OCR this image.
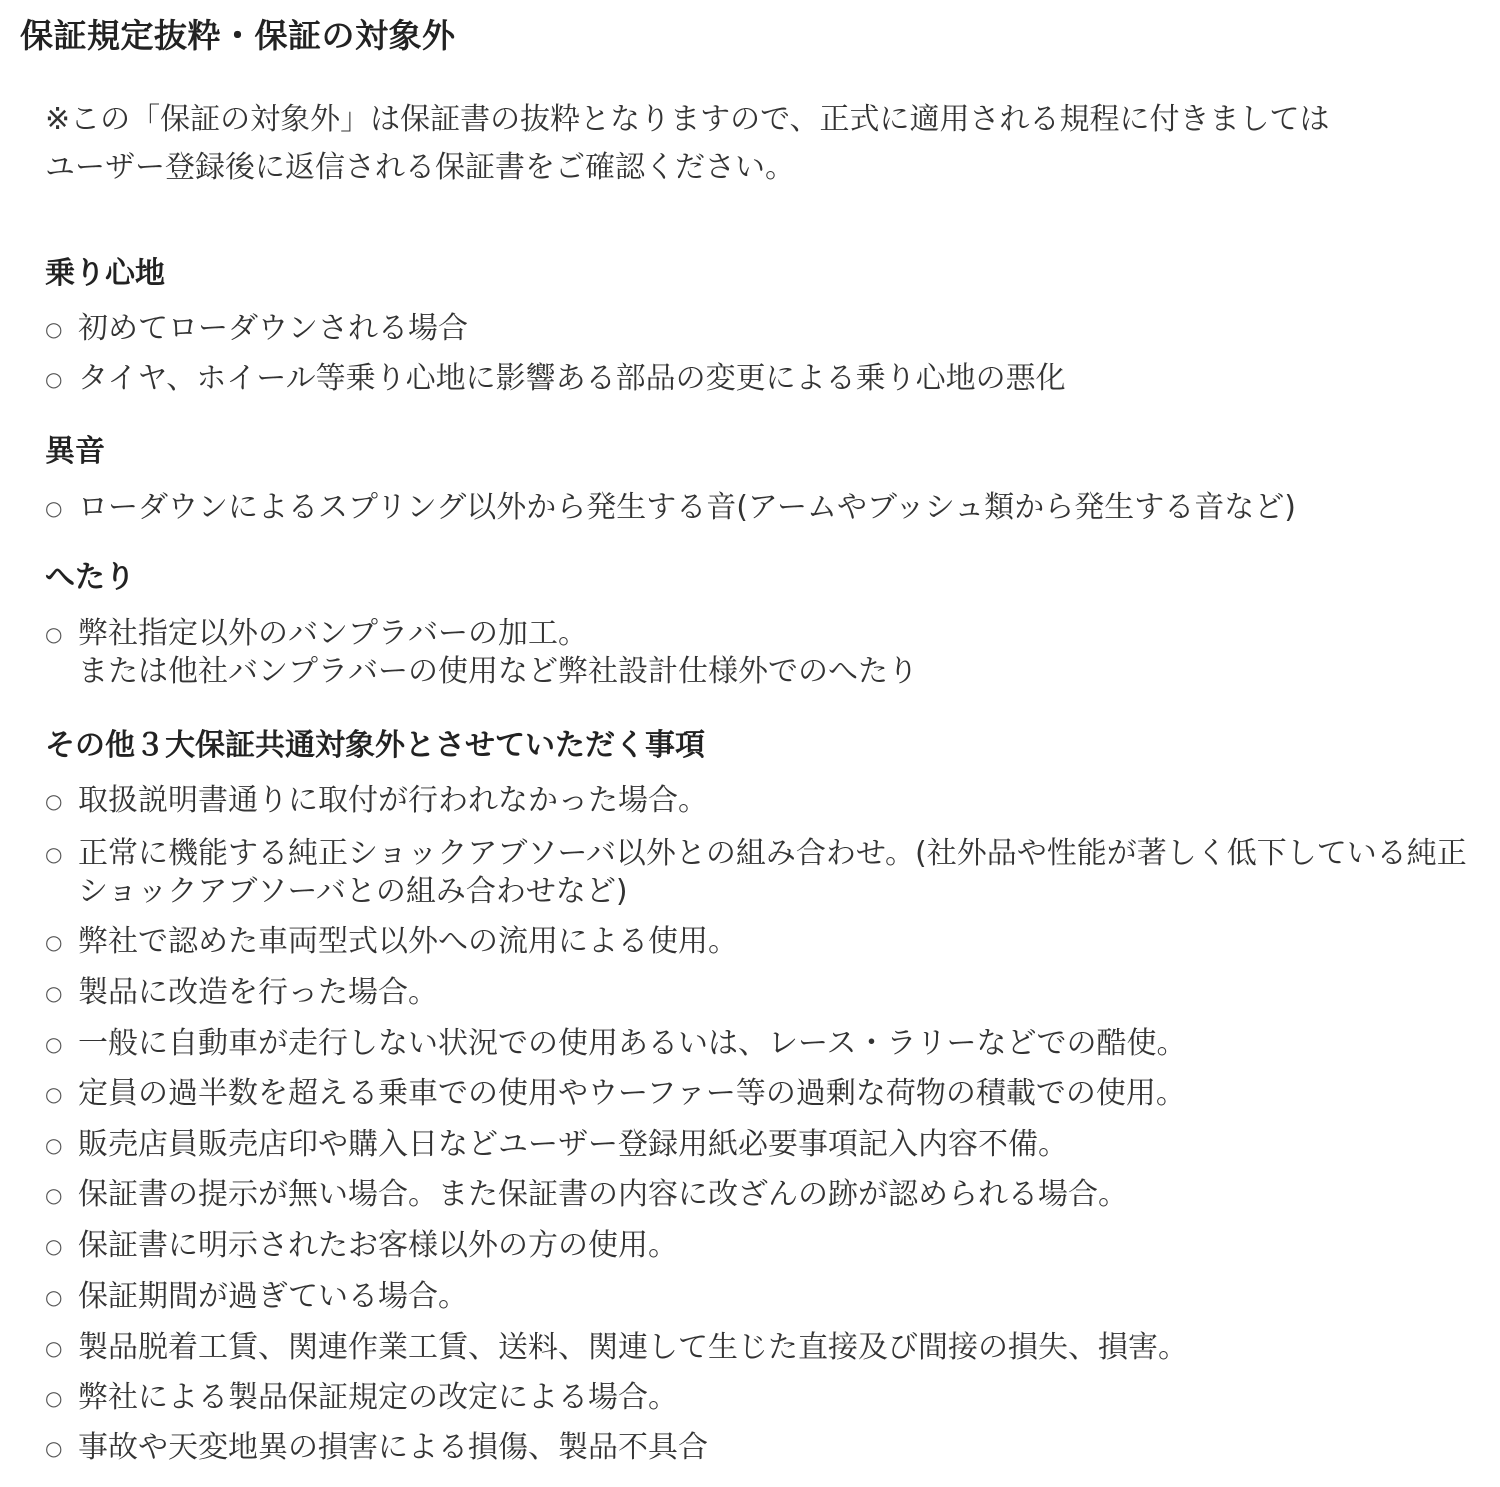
保証規定抜粋・保証の対象外

※この「保証の対象外」は保証書の抜粋となりますので、正式に適用される規程に付きましては
ユーザー登録後に返信される保証書をご確認ください。

乗り心地
○ 初めてローダウンされる場合
○ タイヤ、ホイール等乗り心地に影響ある部品の変更による乗り心地の悪化
異音
○ ローダウンによるスプリング以外から発生する音(アームやブッシュ類から発生する音など)
へたり
○ 弊社指定以外のバンプラバーの加工。
または他社バンプラバーの使用など弊社設計仕様外でのへたり
その他３大保証共通対象外とさせていただく事項
○ 取扱説明書通りに取付が行われなかった場合。
○ 正常に機能する純正ショックアブソーバ以外との組み合わせ。(社外品や性能が著しく低下している純正ショックアブソーバとの組み合わせなど)
○ 弊社で認めた車両型式以外への流用による使用。
○ 製品に改造を行った場合。
○ 一般に自動車が走行しない状況での使用あるいは、レース・ラリーなどでの酷使。
○ 定員の過半数を超える乗車での使用やウーファー等の過剰な荷物の積載での使用。
○ 販売店員販売店印や購入日などユーザー登録用紙必要事項記入内容不備。
○ 保証書の提示が無い場合。また保証書の内容に改ざんの跡が認められる場合。
○ 保証書に明示されたお客様以外の方の使用。
○ 保証期間が過ぎている場合。
○ 製品脱着工賃、関連作業工賃、送料、関連して生じた直接及び間接の損失、損害。
○ 弊社による製品保証規定の改定による場合。
○ 事故や天変地異の損害による損傷、製品不具合
